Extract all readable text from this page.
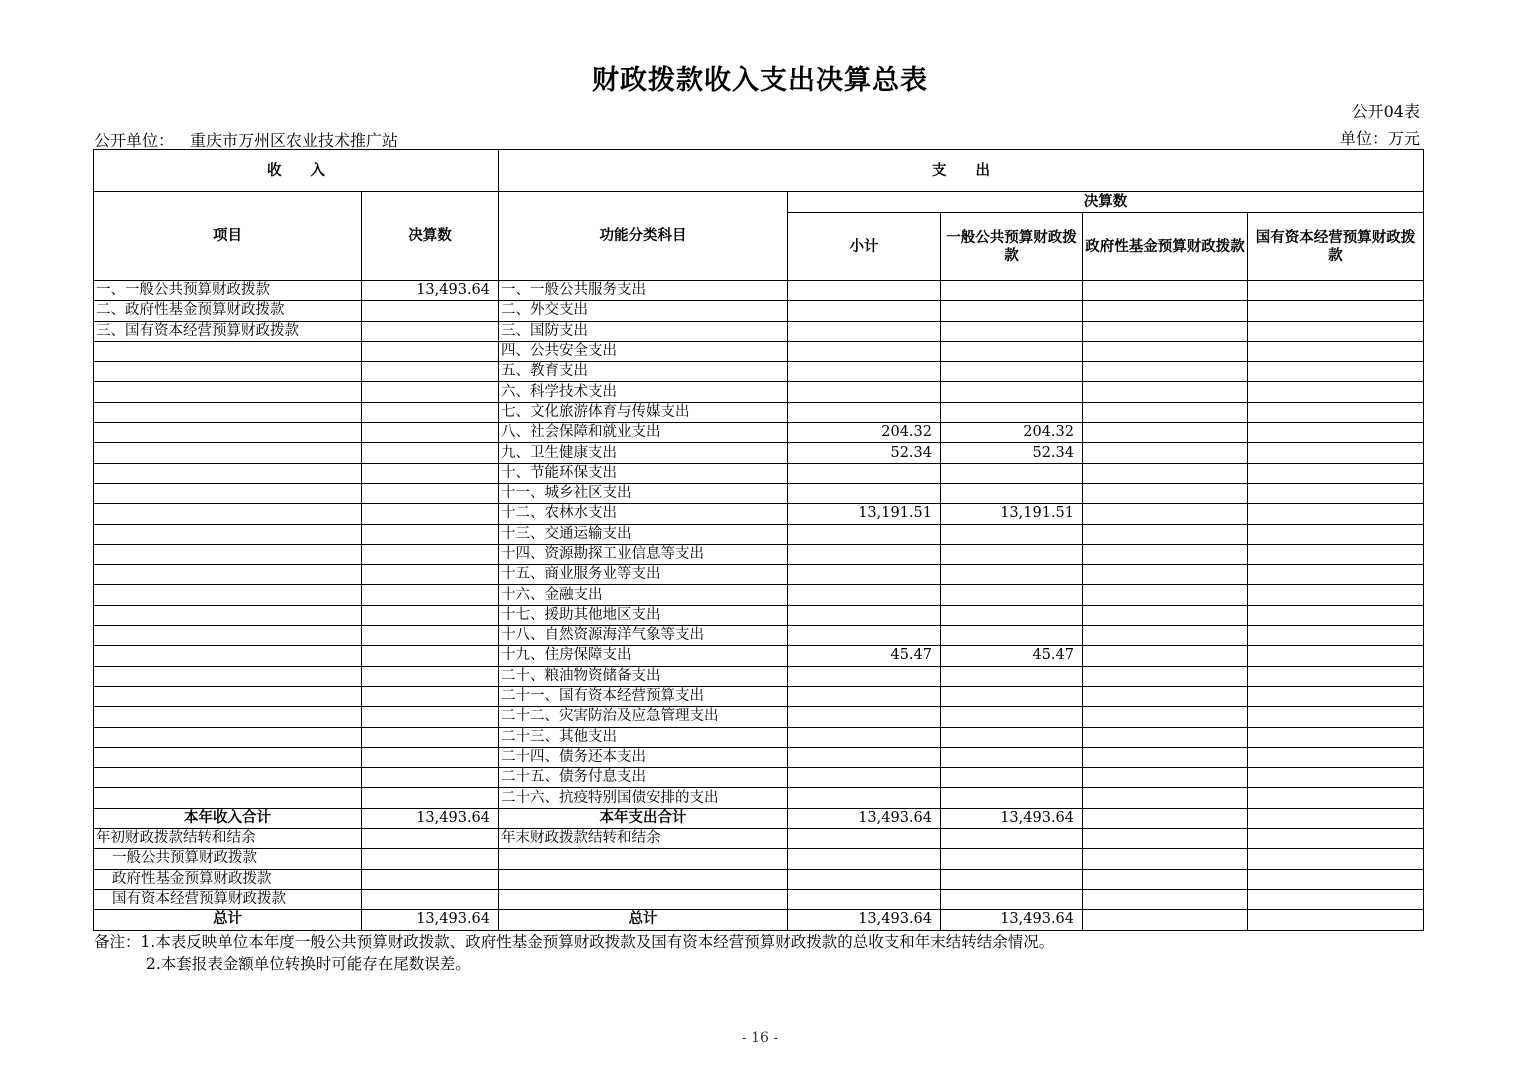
财政拨款收入支出决算总表
公开04表
公开单位： 重庆市万州区农业技术推广站	单位：万元
收　　入		支　　出				
项目	决算数	功能分类科目	决算数			
			小计	一般公共预算财政拨款	政府性基金预算财政拨款	国有资本经营预算财政拨款
一、一般公共预算财政拨款	13,493.64	一、一般公共服务支出				
二、政府性基金预算财政拨款		二、外交支出				
三、国有资本经营预算财政拨款		三、国防支出				
		四、公共安全支出				
		五、教育支出				
		六、科学技术支出				
		七、文化旅游体育与传媒支出				
		八、社会保障和就业支出	204.32	204.32		
		九、卫生健康支出	52.34	52.34		
		十、节能环保支出				
		十一、城乡社区支出				
		十二、农林水支出	13,191.51	13,191.51		
		十三、交通运输支出				
		十四、资源勘探工业信息等支出				
		十五、商业服务业等支出				
		十六、金融支出				
		十七、援助其他地区支出				
		十八、自然资源海洋气象等支出				
		十九、住房保障支出	45.47	45.47		
		二十、粮油物资储备支出				
		二十一、国有资本经营预算支出				
		二十二、灾害防治及应急管理支出				
		二十三、其他支出				
		二十四、债务还本支出				
		二十五、债务付息支出				
		二十六、抗疫特别国债安排的支出				
本年收入合计	13,493.64	本年支出合计	13,493.64	13,493.64		
年初财政拨款结转和结余		年末财政拨款结转和结余				
一般公共预算财政拨款						
政府性基金预算财政拨款						
国有资本经营预算财政拨款						
总计	13,493.64	总计	13,493.64	13,493.64		
备注：1.本表反映单位本年度一般公共预算财政拨款、政府性基金预算财政拨款及国有资本经营预算财政拨款的总收支和年末结转结余情况。
2.本套报表金额单位转换时可能存在尾数误差。
- 16 -
